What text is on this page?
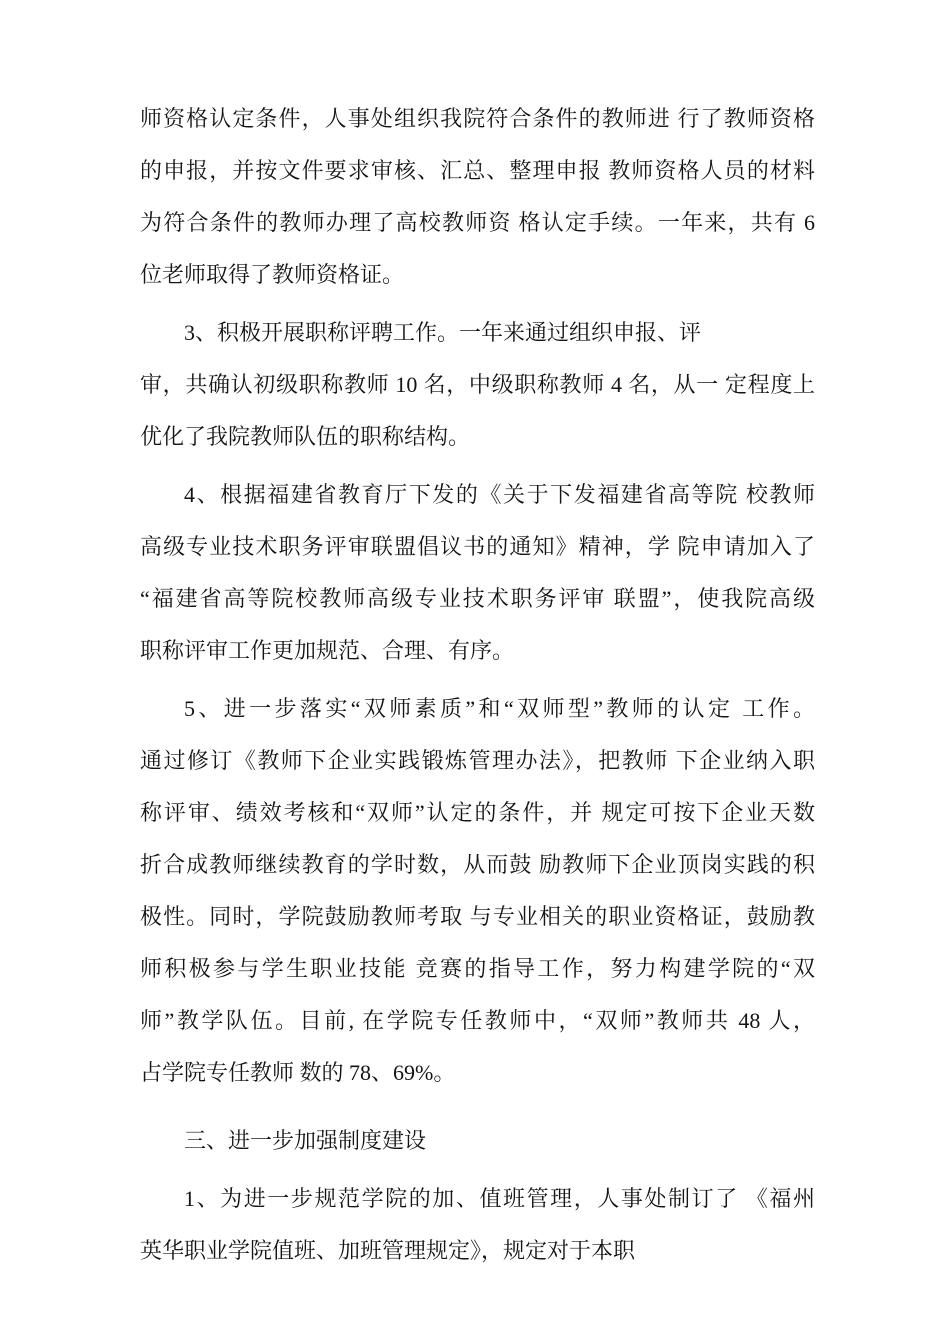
师资格认定条件，人事处组织我院符合条件的教师进 行了教师资格
的申报，并按文件要求审核、汇总、整理申报 教师资格人员的材料
为符合条件的教师办理了高校教师资 格认定手续。一年来，共有 6
位老师取得了教师资格证。
3、积极开展职称评聘工作。一年来通过组织申报、评
审，共确认初级职称教师 10 名，中级职称教师 4 名，从一 定程度上
优化了我院教师队伍的职称结构。
4、根据福建省教育厅下发的《关于下发福建省高等院 校教师
高级专业技术职务评审联盟倡议书的通知》精神，学 院申请加入了
“福建省高等院校教师高级专业技术职务评审 联盟”，使我院高级
职称评审工作更加规范、合理、有序。
5、进一步落实“双师素质”和“双师型”教师的认定 工作。
通过修订《教师下企业实践锻炼管理办法》，把教师 下企业纳入职
称评审、绩效考核和“双师”认定的条件，并 规定可按下企业天数
折合成教师继续教育的学时数，从而鼓 励教师下企业顶岗实践的积
极性。同时，学院鼓励教师考取 与专业相关的职业资格证，鼓励教
师积极参与学生职业技能 竞赛的指导工作，努力构建学院的“双
师”教学队伍。目前, 在学院专任教师中，“双师”教师共 48 人，
占学院专任教师 数的 78、69%。
三、进一步加强制度建设
1、为进一步规范学院的加、值班管理，人事处制订了 《福州
英华职业学院值班、加班管理规定》，规定对于本职
